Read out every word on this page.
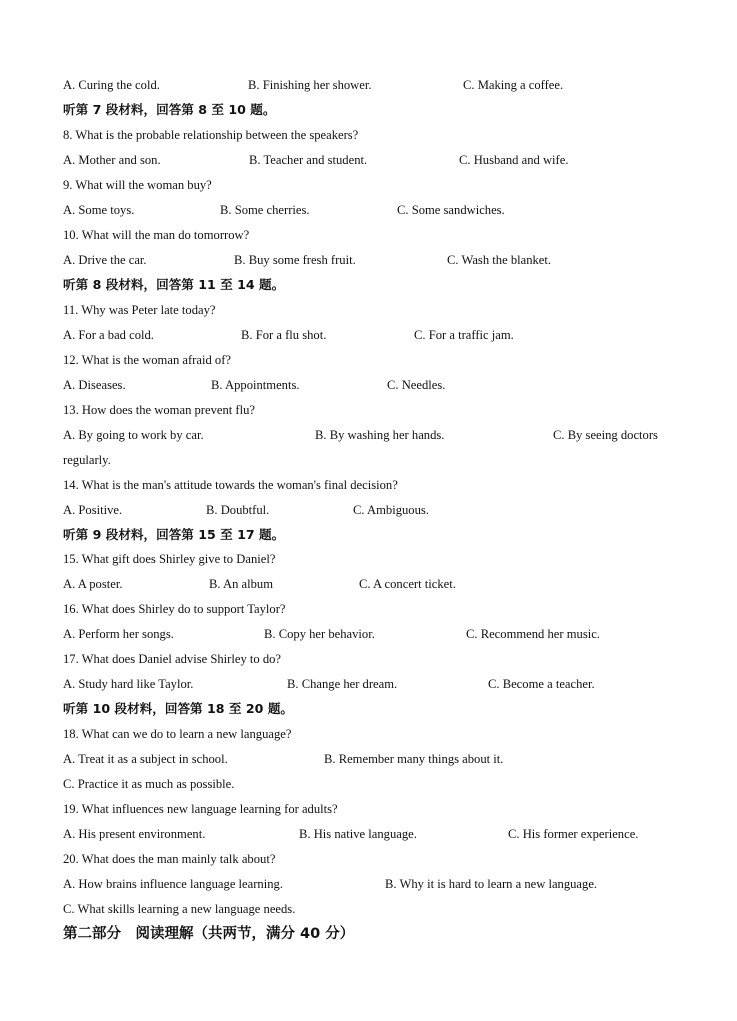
A. Curing the cold.	B. Finishing her shower.	C. Making a coffee.
听第 7 段材料，回答第 8 至 10 题。
8. What is the probable relationship between the speakers?
A. Mother and son.	B. Teacher and student.	C. Husband and wife.
9. What will the woman buy?
A. Some toys.	B. Some cherries.	C. Some sandwiches.
10. What will the man do tomorrow?
A. Drive the car.	B. Buy some fresh fruit.	C. Wash the blanket.
听第 8 段材料，回答第 11 至 14 题。
11. Why was Peter late today?
A. For a bad cold.	B. For a flu shot.	C. For a traffic jam.
12. What is the woman afraid of?
A. Diseases.	B. Appointments.	C. Needles.
13. How does the woman prevent flu?
A. By going to work by car.	B. By washing her hands.	C. By seeing doctors
regularly.
14. What is the man's attitude towards the woman's final decision?
A. Positive.	B. Doubtful.	C. Ambiguous.
听第 9 段材料，回答第 15 至 17 题。
15. What gift does Shirley give to Daniel?
A. A poster.	B. An album	C. A concert ticket.
16. What does Shirley do to support Taylor?
A. Perform her songs.	B. Copy her behavior.	C. Recommend her music.
17. What does Daniel advise Shirley to do?
A. Study hard like Taylor.	B. Change her dream.	C. Become a teacher.
听第 10 段材料，回答第 18 至 20 题。
18. What can we do to learn a new language?
A. Treat it as a subject in school.	B. Remember many things about it.
C. Practice it as much as possible.
19. What influences new language learning for adults?
A. His present environment.	B. His native language.	C. His former experience.
20. What does the man mainly talk about?
A. How brains influence language learning.	B. Why it is hard to learn a new language.
C. What skills learning a new language needs.
第二部分　阅读理解（共两节，满分 40 分）
